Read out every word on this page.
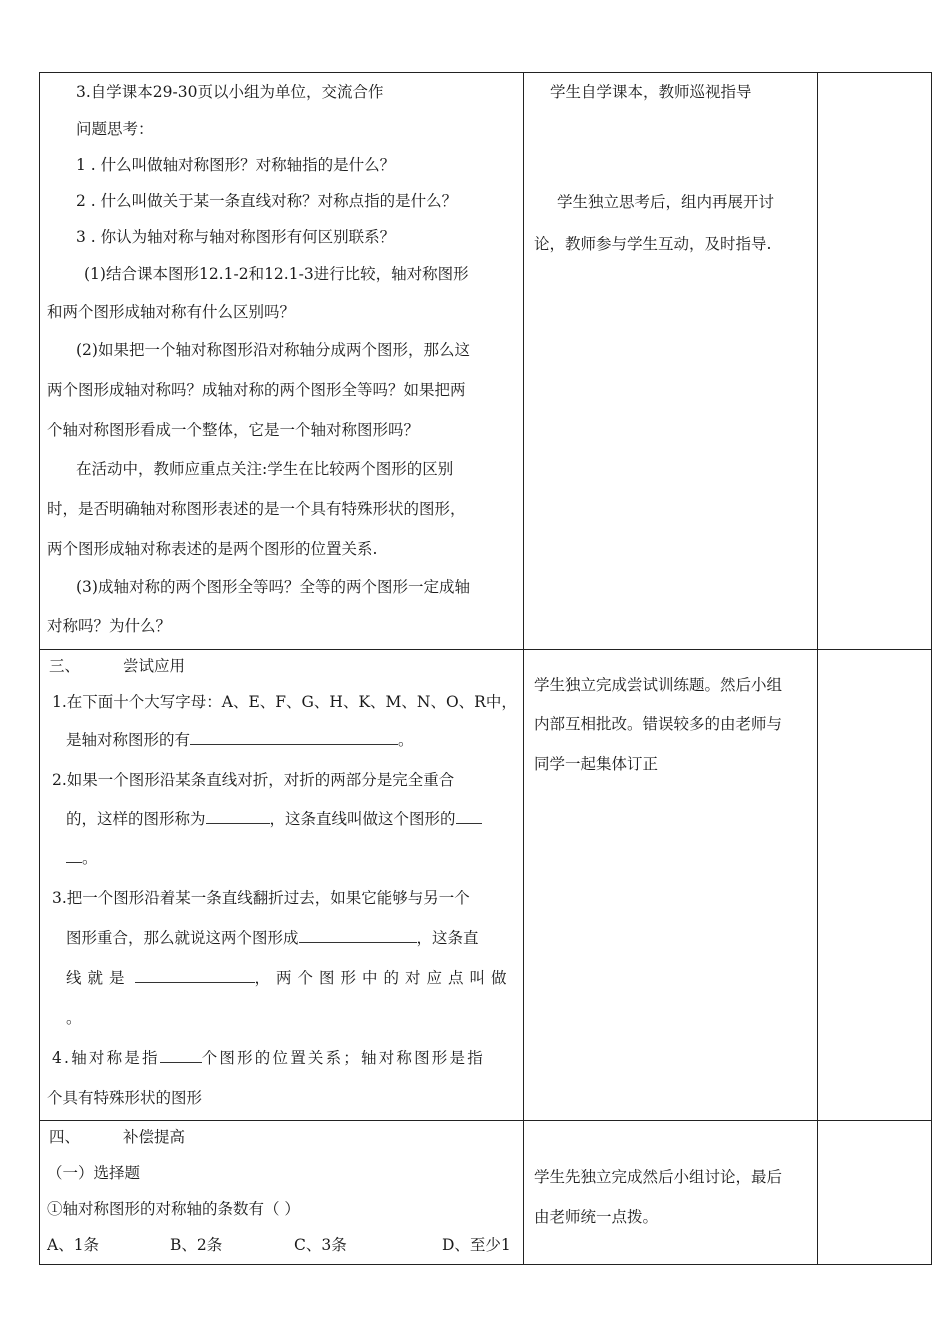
3.自学课本29-30页以小组为单位，交流合作
问题思考：
1 . 什么叫做轴对称图形？对称轴指的是什么？
2 . 什么叫做关于某一条直线对称？对称点指的是什么？
3 . 你认为轴对称与轴对称图形有何区别联系？
(1)结合课本图形12.1-2和12.1-3进行比较，轴对称图形
和两个图形成轴对称有什么区别吗？
(2)如果把一个轴对称图形沿对称轴分成两个图形，那么这
两个图形成轴对称吗？成轴对称的两个图形全等吗？如果把两
个轴对称图形看成一个整体，它是一个轴对称图形吗？
在活动中，教师应重点关注:学生在比较两个图形的区别
时，是否明确轴对称图形表述的是一个具有特殊形状的图形，
两个图形成轴对称表述的是两个图形的位置关系.
(3)成轴对称的两个图形全等吗？全等的两个图形一定成轴
对称吗？为什么？
学生自学课本，教师巡视指导
学生独立思考后，组内再展开讨
论，教师参与学生互动，及时指导.
三、	尝试应用
1.在下面十个大写字母：A、E、F、G、H、K、M、N、O、R中，
是轴对称图形的有	。
2.如果一个图形沿某条直线对折，对折的两部分是完全重合
的，这样的图形称为	，这条直线叫做这个图形的
。
3.把一个图形沿着某一条直线翻折过去，如果它能够与另一个
图形重合，那么就说这两个图形成	，这条直
线就是	，两个图形中的对应点叫做
。
4.轴对称是指	个图形的位置关系；轴对称图形是指
个具有特殊形状的图形
学生独立完成尝试训练题。然后小组
内部互相批改。错误较多的由老师与
同学一起集体订正
四、	补偿提高
（一）选择题
①轴对称图形的对称轴的条数有（ ）
A、1条	B、2条	C、3条	D、至少1
学生先独立完成然后小组讨论，最后
由老师统一点拨。
